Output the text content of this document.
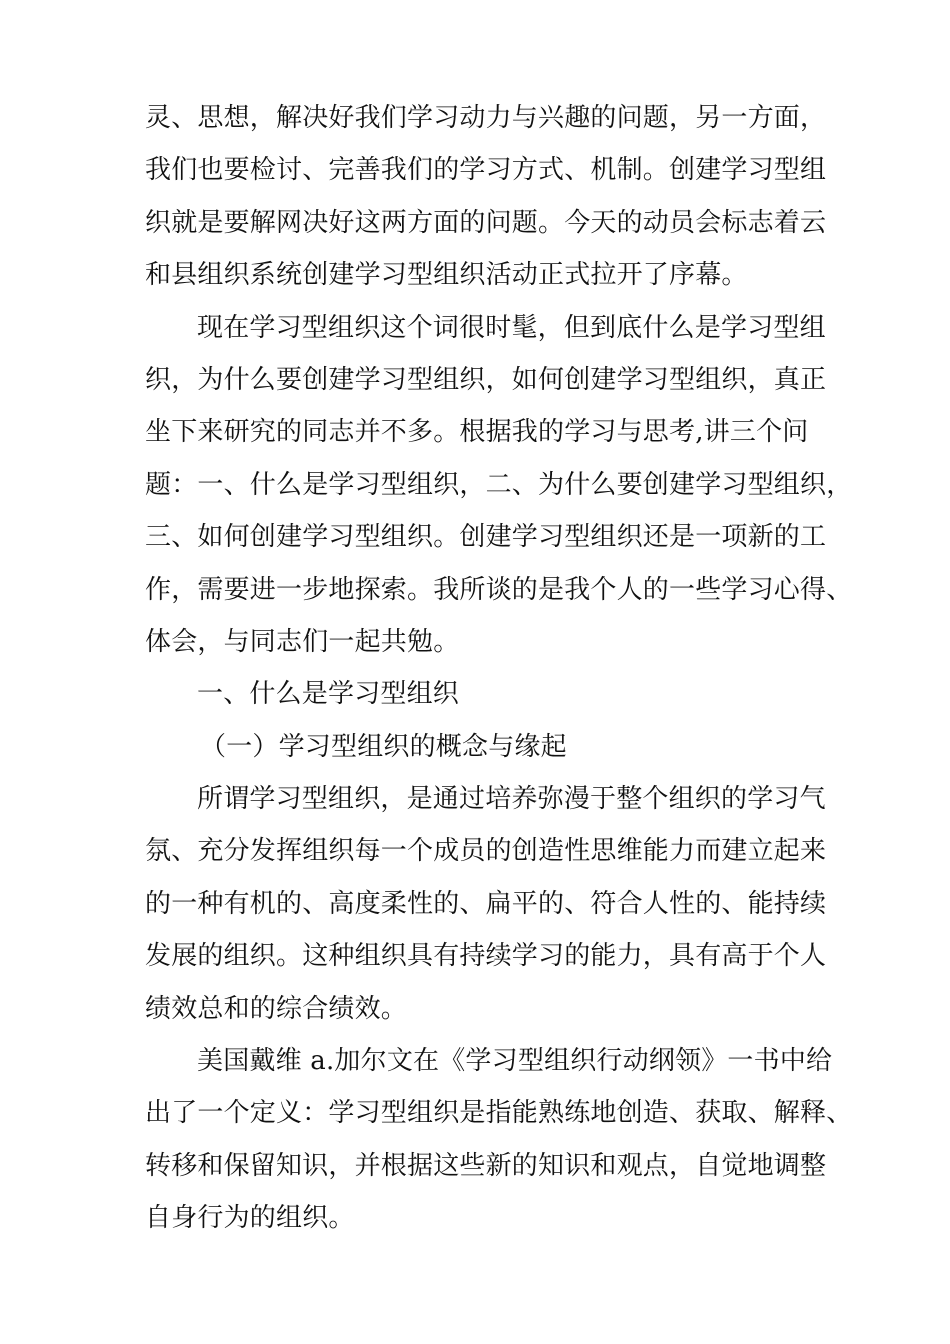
灵、思想，解决好我们学习动力与兴趣的问题，另一方面，
我们也要检讨、完善我们的学习方式、机制。创建学习型组
织就是要解网决好这两方面的问题。今天的动员会标志着云
和县组织系统创建学习型组织活动正式拉开了序幕。
现在学习型组织这个词很时髦，但到底什么是学习型组
织，为什么要创建学习型组织，如何创建学习型组织，真正
坐下来研究的同志并不多。根据我的学习与思考,讲三个问
题：一、什么是学习型组织，二、为什么要创建学习型组织，
三、如何创建学习型组织。创建学习型组织还是一项新的工
作，需要进一步地探索。我所谈的是我个人的一些学习心得、
体会，与同志们一起共勉。
一、什么是学习型组织
（一）学习型组织的概念与缘起
所谓学习型组织，是通过培养弥漫于整个组织的学习气
氛、充分发挥组织每一个成员的创造性思维能力而建立起来
的一种有机的、高度柔性的、扁平的、符合人性的、能持续
发展的组织。这种组织具有持续学习的能力，具有高于个人
绩效总和的综合绩效。
美国戴维 a.加尔文在《学习型组织行动纲领》一书中给
出了一个定义：学习型组织是指能熟练地创造、获取、解释、
转移和保留知识，并根据这些新的知识和观点，自觉地调整
自身行为的组织。
